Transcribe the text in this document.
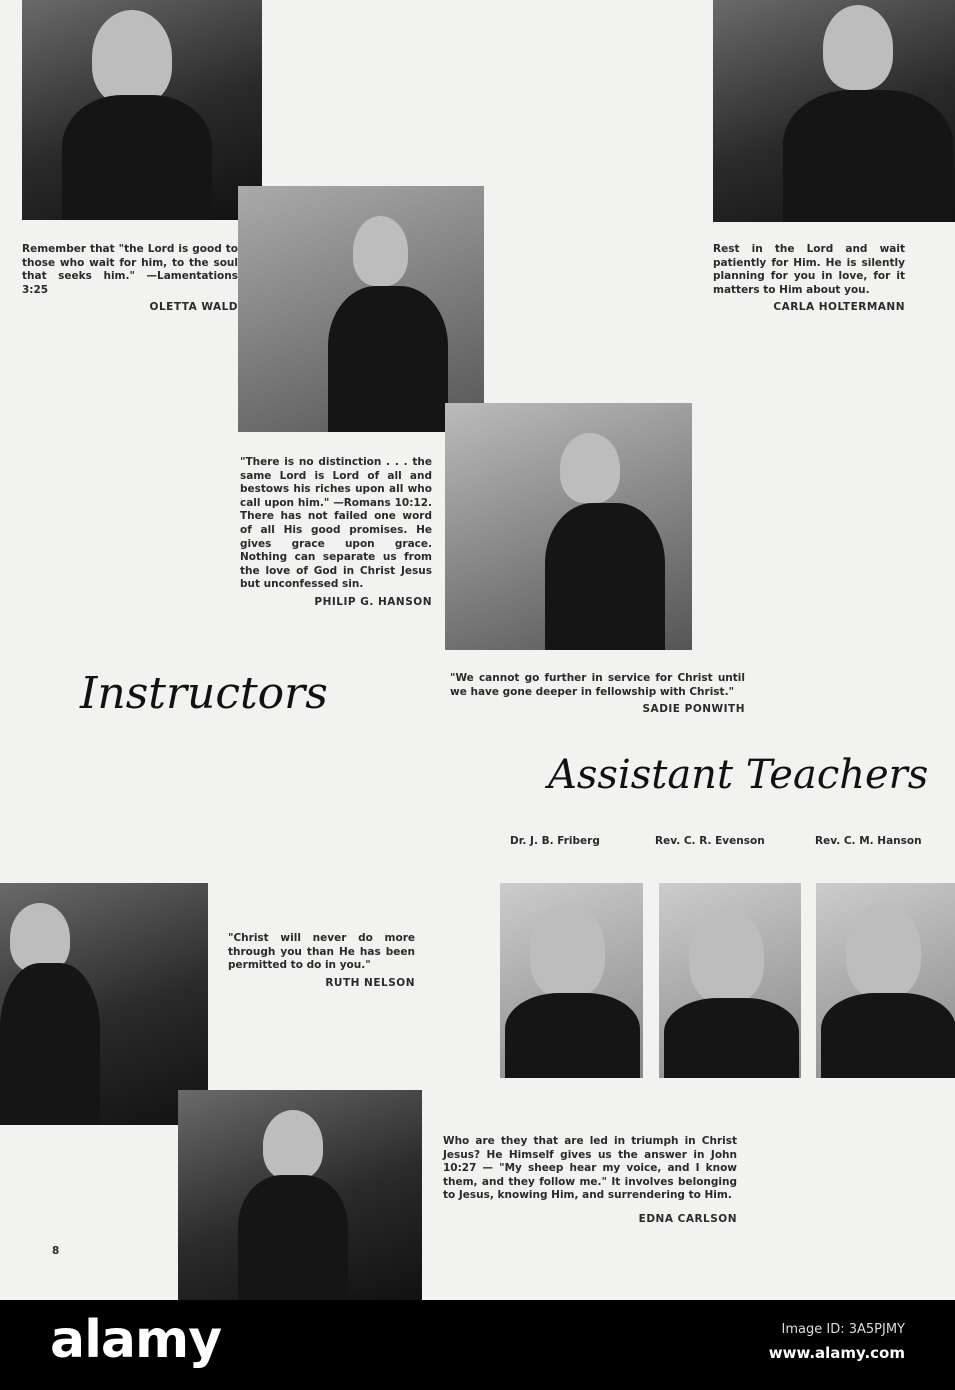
Remember that "the Lord is good to those who wait for him, to the soul that seeks him." —Lamentations 3:25
OLETTA WALD
Rest in the Lord and wait patiently for Him. He is silently planning for you in love, for it matters to Him about you.
CARLA HOLTERMANN
"There is no distinction . . . the same Lord is Lord of all and bestows his riches upon all who call upon him." —Romans 10:12. There has not failed one word of all His good promises. He gives grace upon grace. Nothing can separate us from the love of God in Christ Jesus but unconfessed sin.
PHILIP G. HANSON
"We cannot go further in service for Christ until we have gone deeper in fellowship with Christ."
SADIE PONWITH
"Christ will never do more through you than He has been permitted to do in you."
RUTH NELSON
Who are they that are led in triumph in Christ Jesus? He Himself gives us the answer in John 10:27 — "My sheep hear my voice, and I know them, and they follow me." It involves belonging to Jesus, knowing Him, and surrendering to Him.
EDNA CARLSON
Instructors
Assistant Teachers
Dr. J. B. Friberg	Rev. C. R. Evenson	Rev. C. M. Hanson
8
alamy	Image ID: 3A5PJMY
www.alamy.com
